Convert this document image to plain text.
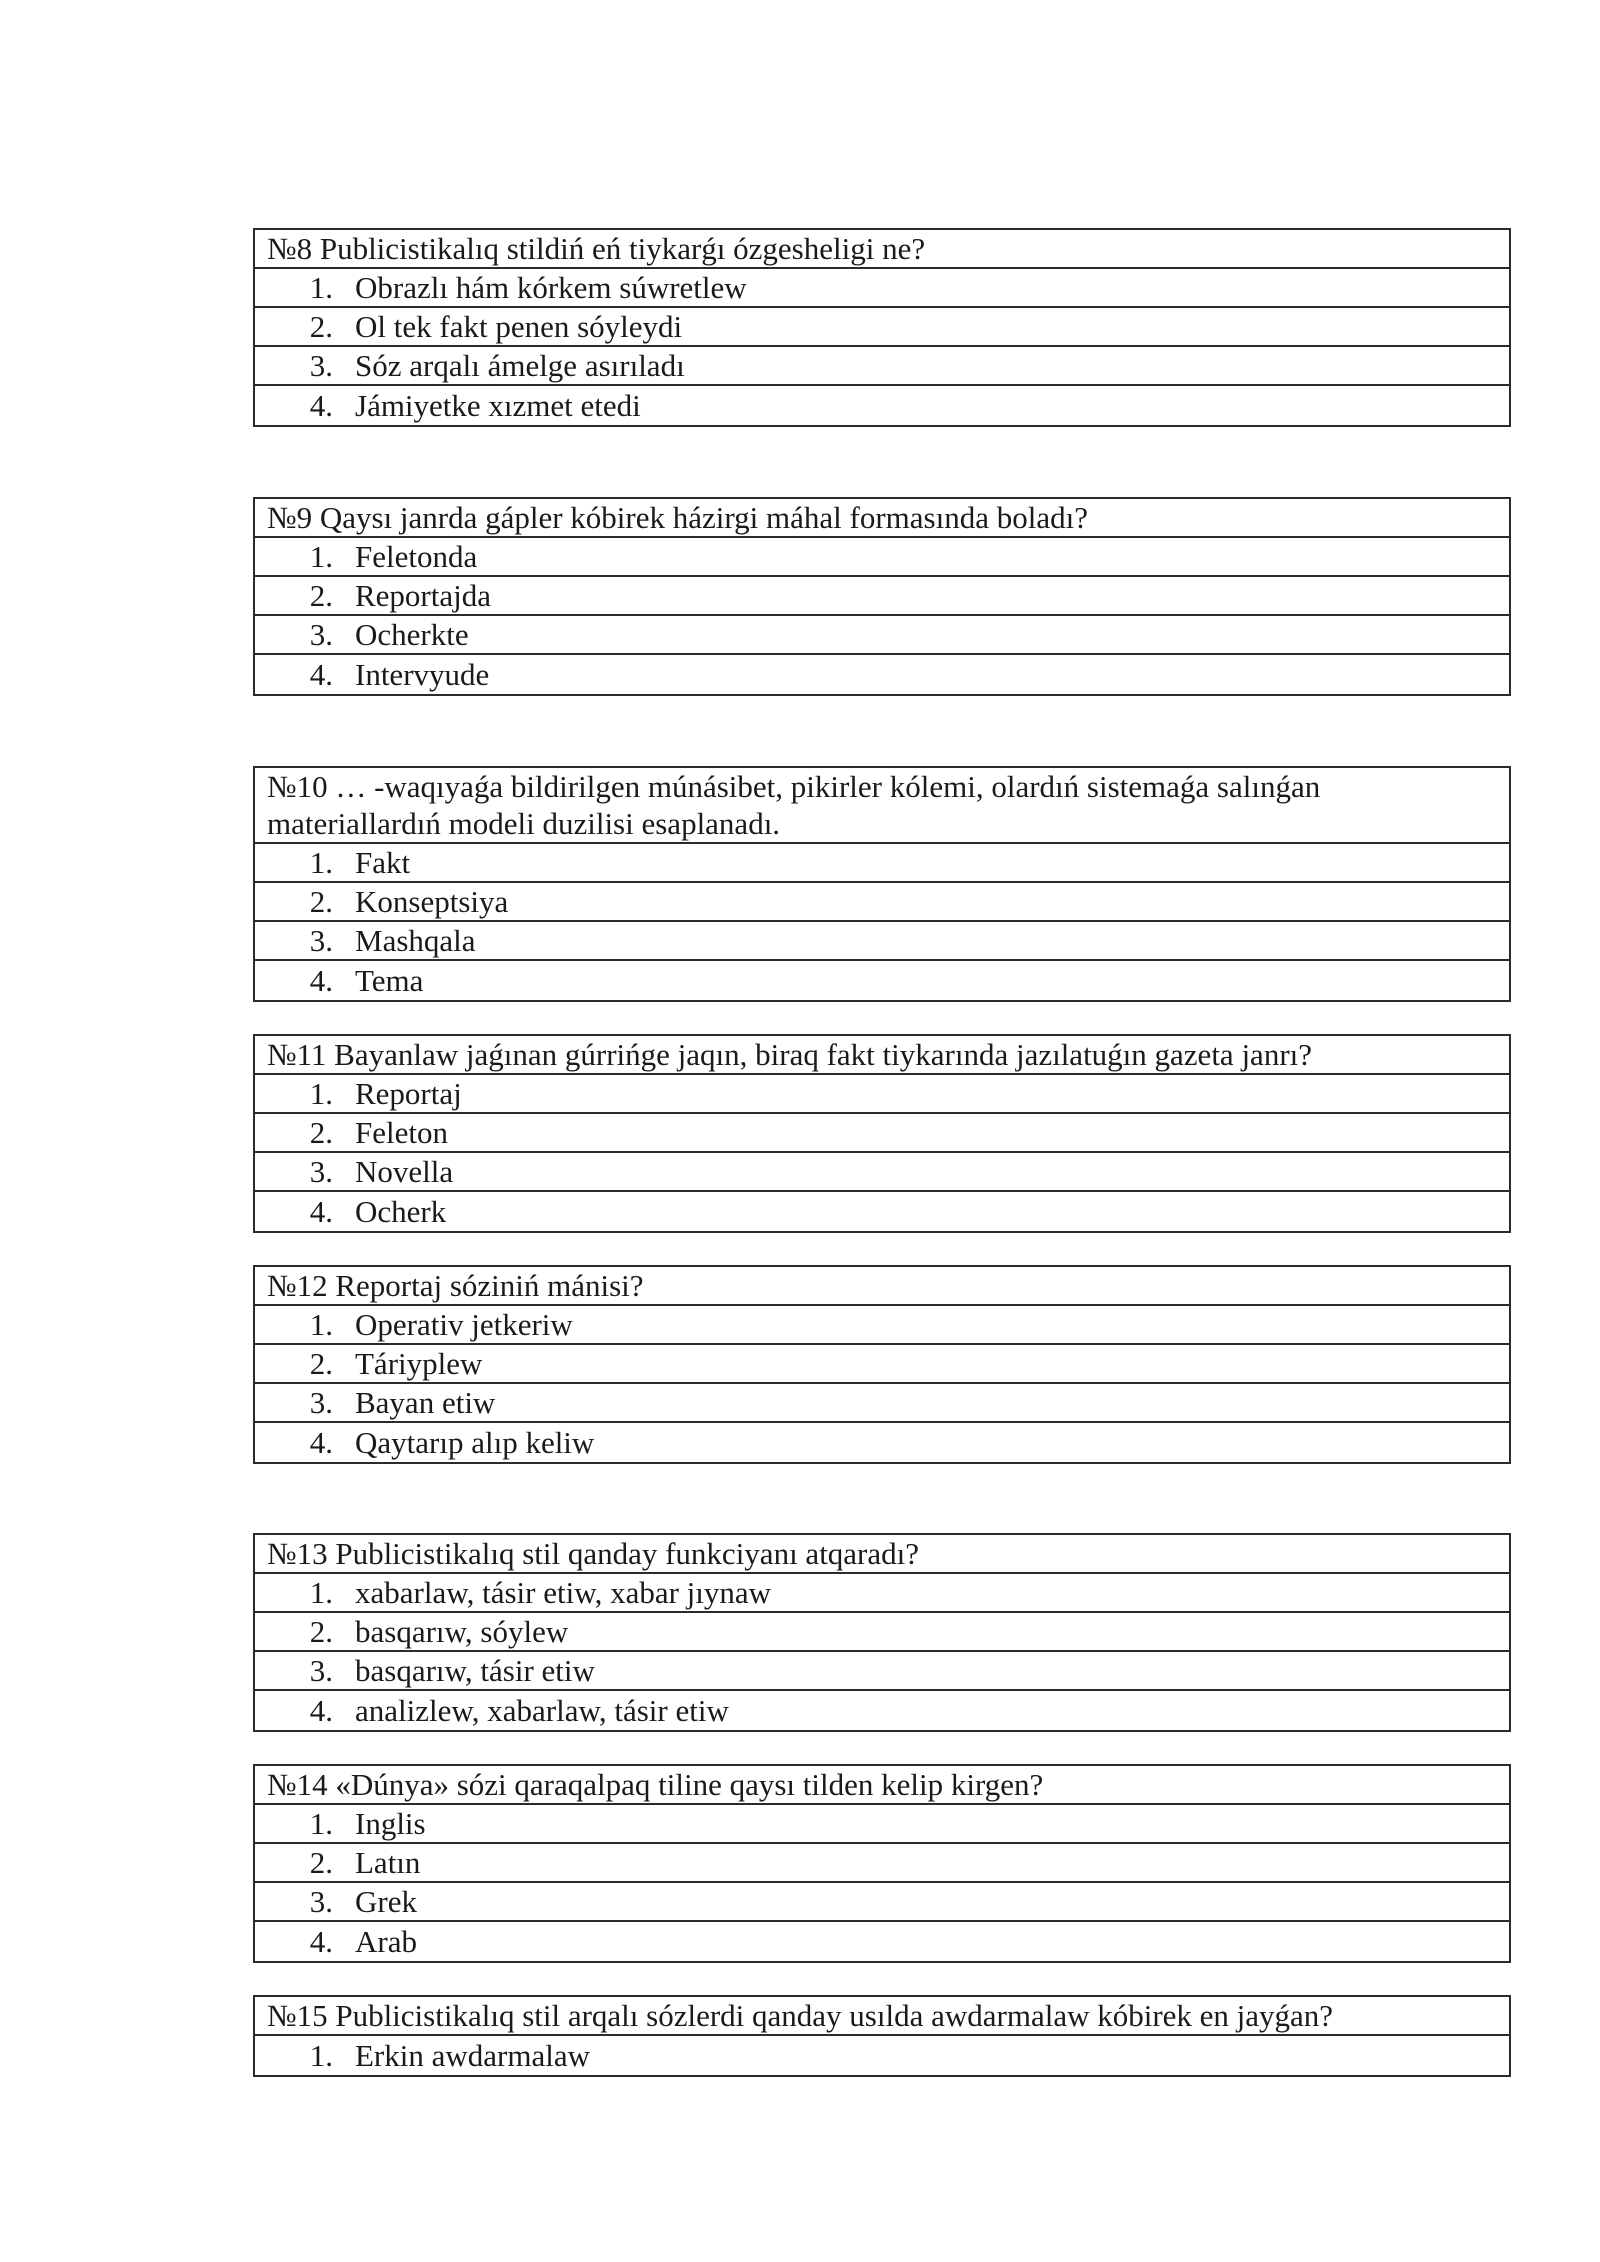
№8 Publicistikalıq stildiń eń tiykarǵı ózgesheligi ne?
1. Obrazlı hám kórkem súwretlew
2. Ol tek fakt penen sóyleydi
3. Sóz arqalı ámelge asırıladı
4. Jámiyetke xızmet etedi
№9 Qaysı janrda gápler kóbirek házirgi máhal formasında boladı?
1. Feletonda
2. Reportajda
3. Ocherkte
4. Intervyude
№10 … -waqıyaǵa bildirilgen múnásibet, pikirler kólemi, olardıń sistemaǵa salınǵan materiallardıń modeli duzilisi esaplanadı.
1. Fakt
2. Konseptsiya
3. Mashqala
4. Tema
№11 Bayanlaw jaǵınan gúrrińge jaqın, biraq fakt tiykarında jazılatuǵın gazeta janrı?
1. Reportaj
2. Feleton
3. Novella
4. Ocherk
№12 Reportaj sóziniń mánisi?
1. Operativ jetkeriw
2. Táriyplew
3. Bayan etiw
4. Qaytarıp alıp keliw
№13 Publicistikalıq stil qanday funkciyanı atqaradı?
1. xabarlaw, tásir etiw, xabar jıynaw
2. basqarıw, sóylew
3. basqarıw, tásir etiw
4. analizlew, xabarlaw, tásir etiw
№14 «Dúnya» sózi qaraqalpaq tiline qaysı tilden kelip kirgen?
1. Inglis
2. Latın
3. Grek
4. Arab
№15 Publicistikalıq stil arqalı sózlerdi qanday usılda awdarmalaw kóbirek en jayǵan?
1. Erkin awdarmalaw
